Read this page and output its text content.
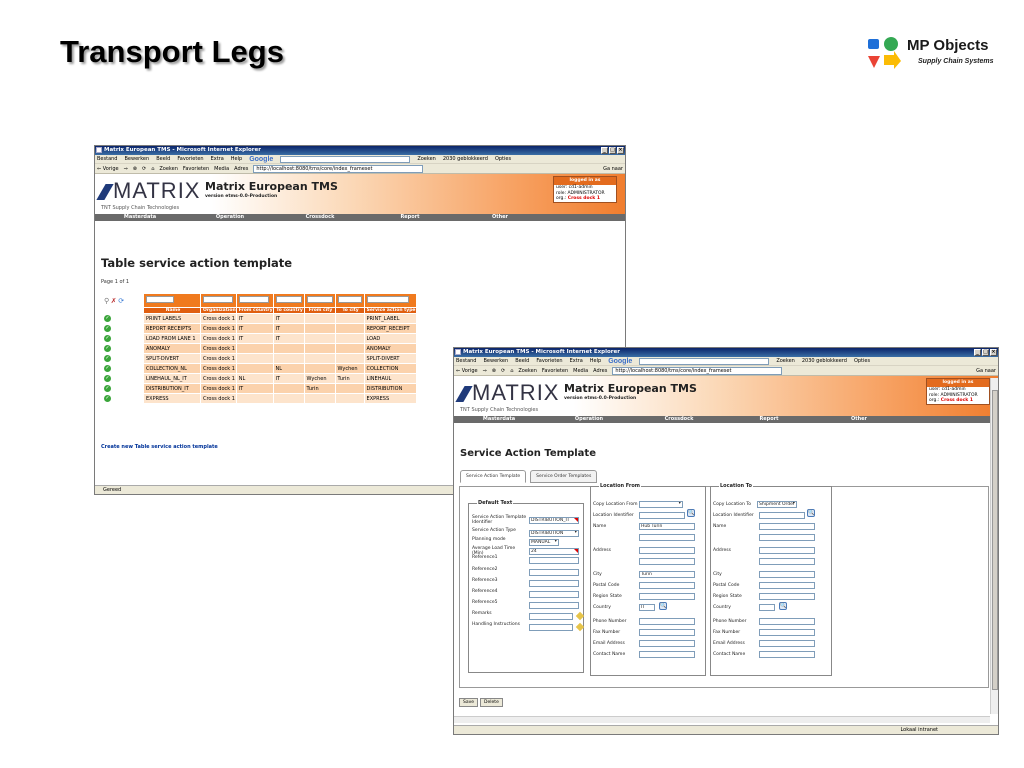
Transport Legs	MP Objects
Supply Chain Systems
Matrix European TMS - Microsoft Internet Explorer	_ □ ×
Bestand Bewerken Beeld Favorieten Extra Help Google	Zoeken 2030 geblokkeerd Opties
⇐ Vorige ⇒ ⊗ ⟳ ⌂ Zoeken Favorieten Media Adres	http://localhost:8080/tms/core/index_frameset	Ga naar
MATRIX
TNT Supply Chain Technologies
Matrix European TMS
version etms-0.0-Production
logged in as
user: cd1-admin
role: ADMINISTRATOR
org.: Cross dock 1
Masterdata	Operation	Crossdock	Report	Other
Table service action template
Page 1 of 1
⚲ ✗ ⟳							
	Name	Organization	From country	To country	From city	To city	Service action type
✓	PRINT LABELS	Cross dock 1	IT	IT			PRINT_LABEL
✓	REPORT RECEIPTS	Cross dock 1	IT	IT			REPORT_RECEIPT
✓	LOAD FROM LANE 1	Cross dock 1	IT	IT			LOAD
✓	ANOMALY	Cross dock 1					ANOMALY
✓	SPLIT-DIVERT	Cross dock 1					SPLIT-DIVERT
✓	COLLECTION_NL	Cross dock 1		NL		Wychen	COLLECTION
✓	LINEHAUL_NL_IT	Cross dock 1	NL	IT	Wychen	Turin	LINEHAUL
✓	DISTRIBUTION_IT	Cross dock 1	IT		Turin		DISTRIBUTION
✓	EXPRESS	Cross dock 1					EXPRESS
Create new Table service action template
Gereed
Matrix European TMS - Microsoft Internet Explorer	_ □ ×
Bestand Bewerken Beeld Favorieten Extra Help Google	Zoeken 2030 geblokkeerd Opties
⇐ Vorige ⇒ ⊗ ⟳ ⌂ Zoeken Favorieten Media Adres	http://localhost:8080/tms/core/index_frameset	Ga naar
MATRIX
TNT Supply Chain Technologies
Matrix European TMS
version etms-0.0-Production
logged in as
user: cd1-admin
role: ADMINISTRATOR
org.: Cross dock 1
Masterdata	Operation	Crossdock	Report	Other
Service Action Template
Service Action Template	Service Order Templates
Default Text
Service Action Template Identifier	DISTRIBUTION_IT
Service Action Type
DISTRIBUTION ▾
Planning mode
MANUAL ▾
Average Load Time (Min)	24
Reference1
Reference2
Reference3
Reference4
Reference5
Remarks
Handling Instructions
Location From
Copy Location From
▾
Location Identifier	🔍
Name	Hub Turin
Address
City	Turin
Postal Code
Region State
Country	IT	🔍
Phone Number
Fax Number
Email Address
Contact Name
Location To
Copy Location To	Shipment Order ▾
Location Identifier	🔍
Name
Address
City
Postal Code
Region State
Country	🔍
Phone Number
Fax Number
Email Address
Contact Name
Save	Delete
Lokaal intranet
